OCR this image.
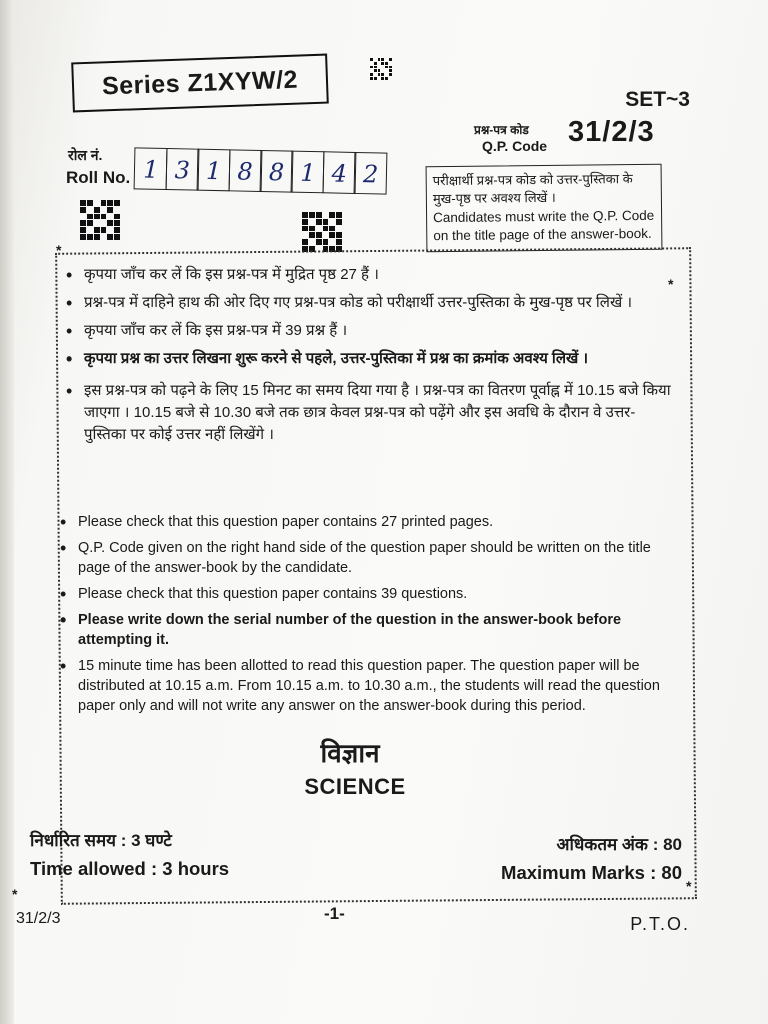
Series Z1XYW/2	SET~3
प्रश्न-पत्र कोड
Q.P. Code 31/2/3
रोल नं.
Roll No. 1 3 1 8 8 1 4 2	परीक्षार्थी प्रश्न-पत्र कोड को उत्तर-पुस्तिका के मुख-पृष्ठ पर अवश्य लिखें ।
Candidates must write the Q.P. Code on the title page of the answer-book.
*
*
*	*
• कृपया जाँच कर लें कि इस प्रश्न-पत्र में मुद्रित पृष्ठ 27 हैं ।
• प्रश्न-पत्र में दाहिने हाथ की ओर दिए गए प्रश्न-पत्र कोड को परीक्षार्थी उत्तर-पुस्तिका के मुख-पृष्ठ पर लिखें ।
• कृपया जाँच कर लें कि इस प्रश्न-पत्र में 39 प्रश्न हैं ।
• कृपया प्रश्न का उत्तर लिखना शुरू करने से पहले, उत्तर-पुस्तिका में प्रश्न का क्रमांक अवश्य लिखें ।
• इस प्रश्न-पत्र को पढ़ने के लिए 15 मिनट का समय दिया गया है । प्रश्न-पत्र का वितरण पूर्वाह्न में 10.15 बजे किया जाएगा । 10.15 बजे से 10.30 बजे तक छात्र केवल प्रश्न-पत्र को पढ़ेंगे और इस अवधि के दौरान वे उत्तर-पुस्तिका पर कोई उत्तर नहीं लिखेंगे ।
• Please check that this question paper contains 27 printed pages.
• Q.P. Code given on the right hand side of the question paper should be written on the title page of the answer-book by the candidate.
• Please check that this question paper contains 39 questions.
• Please write down the serial number of the question in the answer-book before attempting it.
• 15 minute time has been allotted to read this question paper. The question paper will be distributed at 10.15 a.m. From 10.15 a.m. to 10.30 a.m., the students will read the question paper only and will not write any answer on the answer-book during this period.
विज्ञान
SCIENCE
निर्धारित समय : 3 घण्टे
Time allowed : 3 hours
अधिकतम अंक : 80
Maximum Marks : 80
31/2/3	-1-
P.T.O.
